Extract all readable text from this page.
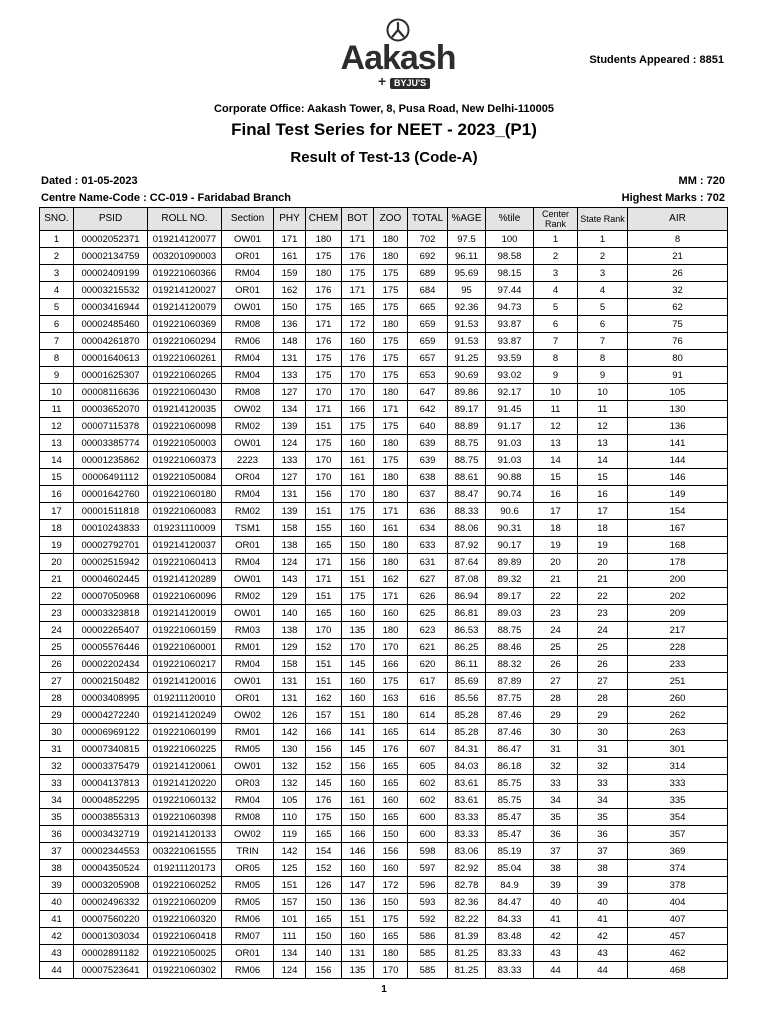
Aakash
+ BYJU'S
Students Appeared : 8851
Corporate Office: Aakash Tower, 8, Pusa Road, New Delhi-110005
Final Test Series for NEET - 2023_(P1)
Result of Test-13 (Code-A)
Dated : 01-05-2023	MM : 720
Centre Name-Code : CC-019 - Faridabad Branch	Highest Marks : 702
SNO.	PSID	ROLL NO.	Section	PHY	CHEM	BOT	ZOO	TOTAL	%AGE	%tile	Center Rank	State Rank	AIR
1	00002052371	019214120077	OW01	171	180	171	180	702	97.5	100	1	1	8
2	00002134759	003201090003	OR01	161	175	176	180	692	96.11	98.58	2	2	21
3	00002409199	019221060366	RM04	159	180	175	175	689	95.69	98.15	3	3	26
4	00003215532	019214120027	OR01	162	176	171	175	684	95	97.44	4	4	32
5	00003416944	019214120079	OW01	150	175	165	175	665	92.36	94.73	5	5	62
6	00002485460	019221060369	RM08	136	171	172	180	659	91.53	93.87	6	6	75
7	00004261870	019221060294	RM06	148	176	160	175	659	91.53	93.87	7	7	76
8	00001640613	019221060261	RM04	131	175	176	175	657	91.25	93.59	8	8	80
9	00001625307	019221060265	RM04	133	175	170	175	653	90.69	93.02	9	9	91
10	00008116636	019221060430	RM08	127	170	170	180	647	89.86	92.17	10	10	105
11	00003652070	019214120035	OW02	134	171	166	171	642	89.17	91.45	11	11	130
12	00007115378	019221060098	RM02	139	151	175	175	640	88.89	91.17	12	12	136
13	00003385774	019221050003	OW01	124	175	160	180	639	88.75	91.03	13	13	141
14	00001235862	019221060373	2223	133	170	161	175	639	88.75	91.03	14	14	144
15	00006491112	019221050084	OR04	127	170	161	180	638	88.61	90.88	15	15	146
16	00001642760	019221060180	RM04	131	156	170	180	637	88.47	90.74	16	16	149
17	00001511818	019221060083	RM02	139	151	175	171	636	88.33	90.6	17	17	154
18	00010243833	019231110009	TSM1	158	155	160	161	634	88.06	90.31	18	18	167
19	00002792701	019214120037	OR01	138	165	150	180	633	87.92	90.17	19	19	168
20	00002515942	019221060413	RM04	124	171	156	180	631	87.64	89.89	20	20	178
21	00004602445	019214120289	OW01	143	171	151	162	627	87.08	89.32	21	21	200
22	00007050968	019221060096	RM02	129	151	175	171	626	86.94	89.17	22	22	202
23	00003323818	019214120019	OW01	140	165	160	160	625	86.81	89.03	23	23	209
24	00002265407	019221060159	RM03	138	170	135	180	623	86.53	88.75	24	24	217
25	00005576446	019221060001	RM01	129	152	170	170	621	86.25	88.46	25	25	228
26	00002202434	019221060217	RM04	158	151	145	166	620	86.11	88.32	26	26	233
27	00002150482	019214120016	OW01	131	151	160	175	617	85.69	87.89	27	27	251
28	00003408995	019211120010	OR01	131	162	160	163	616	85.56	87.75	28	28	260
29	00004272240	019214120249	OW02	126	157	151	180	614	85.28	87.46	29	29	262
30	00006969122	019221060199	RM01	142	166	141	165	614	85.28	87.46	30	30	263
31	00007340815	019221060225	RM05	130	156	145	176	607	84.31	86.47	31	31	301
32	00003375479	019214120061	OW01	132	152	156	165	605	84.03	86.18	32	32	314
33	00004137813	019214120220	OR03	132	145	160	165	602	83.61	85.75	33	33	333
34	00004852295	019221060132	RM04	105	176	161	160	602	83.61	85.75	34	34	335
35	00003855313	019221060398	RM08	110	175	150	165	600	83.33	85.47	35	35	354
36	00003432719	019214120133	OW02	119	165	166	150	600	83.33	85.47	36	36	357
37	00002344553	003221061555	TRIN	142	154	146	156	598	83.06	85.19	37	37	369
38	00004350524	019211120173	OR05	125	152	160	160	597	82.92	85.04	38	38	374
39	00003205908	019221060252	RM05	151	126	147	172	596	82.78	84.9	39	39	378
40	00002496332	019221060209	RM05	157	150	136	150	593	82.36	84.47	40	40	404
41	00007560220	019221060320	RM06	101	165	151	175	592	82.22	84.33	41	41	407
42	00001303034	019221060418	RM07	111	150	160	165	586	81.39	83.48	42	42	457
43	00002891182	019221050025	OR01	134	140	131	180	585	81.25	83.33	43	43	462
44	00007523641	019221060302	RM06	124	156	135	170	585	81.25	83.33	44	44	468
1
